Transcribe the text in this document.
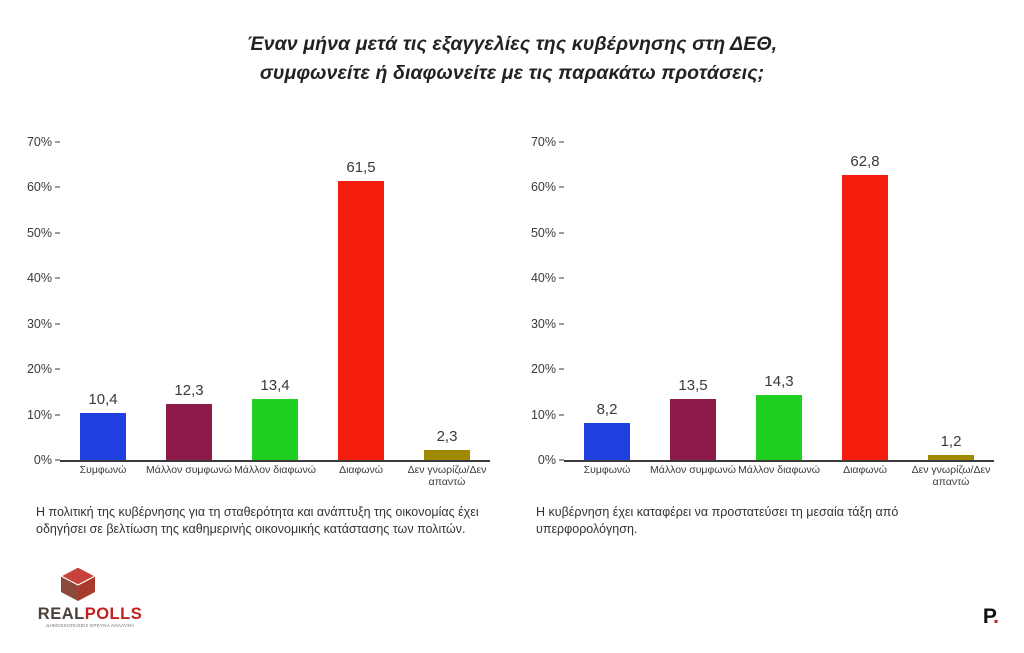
Έναν μήνα μετά τις εξαγγελίες της κυβέρνησης στη ΔΕΘ,
συμφωνείτε ή διαφωνείτε με τις παρακάτω προτάσεις;
0%
10%
20%
30%
40%
50%
60%
70%
10,4
12,3	13,4
61,5
2,3
Συμφωνώ	Μάλλον συμφωνώ Μάλλον διαφωνώ	Διαφωνώ	Δεν γνωρίζω/Δεν απαντώ
Η πολιτική της κυβέρνησης για τη σταθερότητα και ανάπτυξη της οικονομίας έχει οδηγήσει σε βελτίωση της καθημερινής οικονομικής κατάστασης των πολιτών.
0%
10%
20%
30%
40%
50%
60%
70%
8,2
13,5	14,3
62,8
1,2
Συμφωνώ	Μάλλον συμφωνώ Μάλλον διαφωνώ	Διαφωνώ	Δεν γνωρίζω/Δεν απαντώ
Η κυβέρνηση έχει καταφέρει να προστατεύσει τη μεσαία τάξη από υπερφορολόγηση.
REALPOLLS
ΔΗΜΟΣΚΟΠΗΣΕΙΣ ΕΡΕΥΝΑ ΑΝΑΛΥΣΗ	P.
